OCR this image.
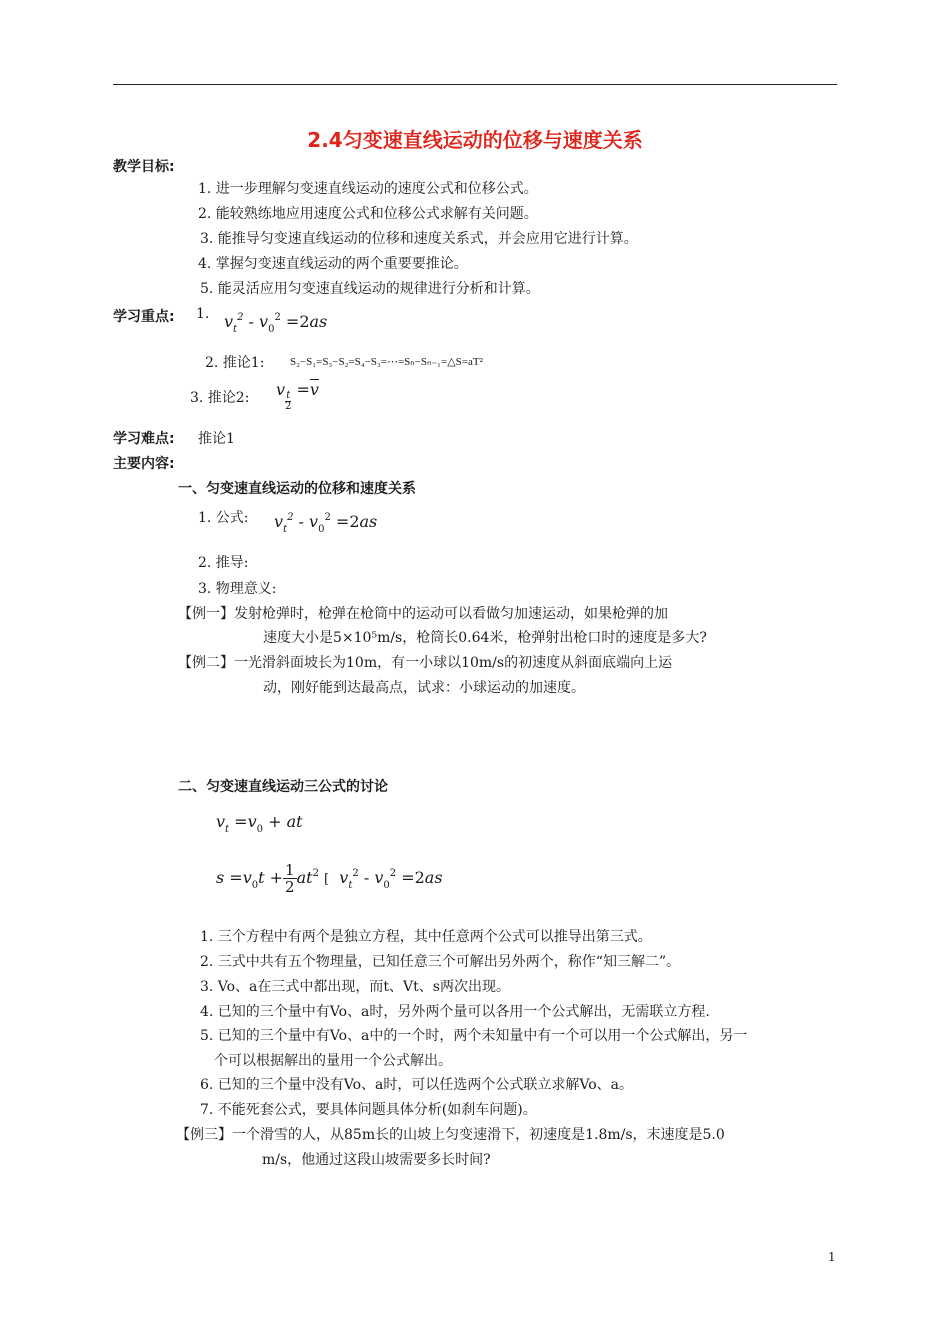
2.4匀变速直线运动的位移与速度关系
教学目标:
1. 进一步理解匀变速直线运动的速度公式和位移公式。
2. 能较熟练地应用速度公式和位移公式求解有关问题。
3. 能推导匀变速直线运动的位移和速度关系式，并会应用它进行计算。
4. 掌握匀变速直线运动的两个重要要推论。
5. 能灵活应用匀变速直线运动的规律进行分析和计算。
学习重点: 1. $v_t^2 - v_0^2 =2as$
2. 推论1: S₂−S₁=S₃−S₂=S₄−S₃=⋯=Sₙ−Sₙ₋₁=△S=aT²
3. 推论2: v
$\frac{t}{2}$
$=\overline{v}$
学习难点: 推论1
主要内容:
一、匀变速直线运动的位移和速度关系
1. 公式: $v_t^2 - v_0^2 =2as$
2. 推导:
3. 物理意义:
【例一】发射枪弹时，枪弹在枪筒中的运动可以看做匀加速运动，如果枪弹的加
速度大小是5×10⁵m/s，枪筒长0.64米，枪弹射出枪口时的速度是多大?
【例二】一光滑斜面坡长为10m，有一小球以10m/s的初速度从斜面底端向上运
动，刚好能到达最高点，试求：小球运动的加速度。
二、匀变速直线运动三公式的讨论
$v_t =v_0$ + at
$s =v_0t + \frac{1}{2} at^2$ [  $v_t^2 - v_0^2 =2as$
1. 三个方程中有两个是独立方程，其中任意两个公式可以推导出第三式。
2. 三式中共有五个物理量，已知任意三个可解出另外两个，称作“知三解二”。
3. Vo、a在三式中都出现，而t、Vt、s两次出现。
4. 已知的三个量中有Vo、a时，另外两个量可以各用一个公式解出，无需联立方程.
5. 已知的三个量中有Vo、a中的一个时，两个未知量中有一个可以用一个公式解出，另一
个可以根据解出的量用一个公式解出。
6. 已知的三个量中没有Vo、a时，可以任选两个公式联立求解Vo、a。
7. 不能死套公式，要具体问题具体分析(如刹车问题)。
【例三】一个滑雪的人，从85m长的山坡上匀变速滑下，初速度是1.8m/s，末速度是5.0
m/s，他通过这段山坡需要多长时间?
1
